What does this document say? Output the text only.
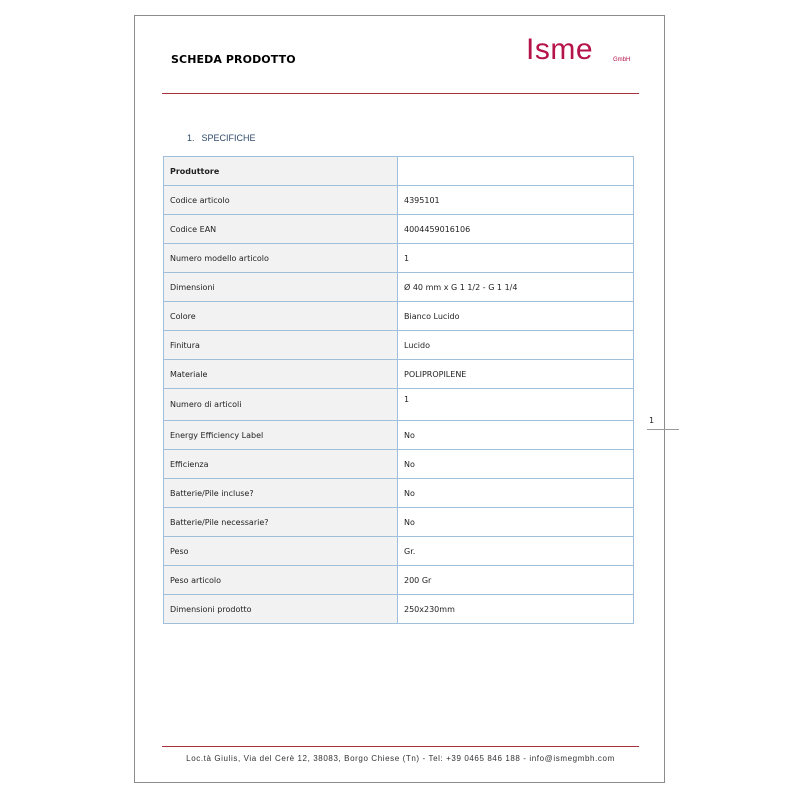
SCHEDA PRODOTTO	Isme	GmbH
1. SPECIFICHE
Produttore	
Codice articolo	4395101
Codice EAN	4004459016106
Numero modello articolo	1
Dimensioni	Ø 40 mm x G 1 1/2 - G 1 1/4
Colore	Bianco Lucido
Finitura	Lucido
Materiale	POLIPROPILENE
Numero di articoli	1
Energy Efficiency Label	No
Efficienza	No
Batterie/Pile incluse?	No
Batterie/Pile necessarie?	No
Peso	Gr.
Peso articolo	200 Gr
Dimensioni prodotto	250x230mm
1
Loc.tà Giulis, Via del Cerè 12, 38083, Borgo Chiese (Tn) - Tel: +39 0465 846 188 - info@ismegmbh.com
